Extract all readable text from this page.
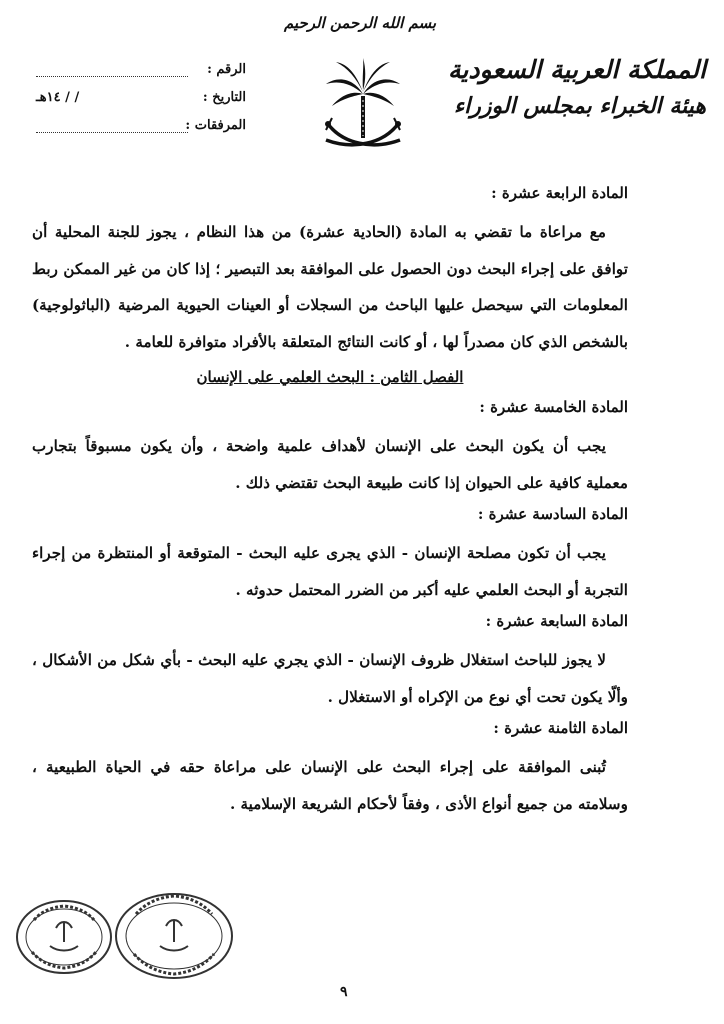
بسم الله الرحمن الرحيم
المملكة العربية السعودية
هيئة الخبراء بمجلس الوزراء
الرقم :
التاريخ :
/ / ١٤هـ
المرفقات :
المادة الرابعة عشرة :

مع مراعاة ما تقضي به المادة (الحادية عشرة) من هذا النظام ، يجوز للجنة المحلية أن توافق على إجراء البحث دون الحصول على الموافقة بعد التبصير ؛ إذا كان من غير الممكن ربط المعلومات التي سيحصل عليها الباحث من السجلات أو العينات الحيوية المرضية (الباثولوجية) بالشخص الذي كان مصدراً لها ، أو كانت النتائج المتعلقة بالأفراد متوافرة للعامة .

الفصل الثامن : البحث العلمي على الإنسان
المادة الخامسة عشرة :

يجب أن يكون البحث على الإنسان لأهداف علمية واضحة ، وأن يكون مسبوقاً بتجارب معملية كافية على الحيوان إذا كانت طبيعة البحث تقتضي ذلك .

المادة السادسة عشرة :

يجب أن تكون مصلحة الإنسان - الذي يجرى عليه البحث - المتوقعة أو المنتظرة من إجراء التجربة أو البحث العلمي عليه أكبر من الضرر المحتمل حدوثه .

المادة السابعة عشرة :

لا يجوز للباحث استغلال ظروف الإنسان - الذي يجري عليه البحث - بأي شكل من الأشكال ، وألّا يكون تحت أي نوع من الإكراه أو الاستغلال .

المادة الثامنة عشرة :

تُبنى الموافقة على إجراء البحث على الإنسان على مراعاة حقه في الحياة الطبيعية ، وسلامته من جميع أنواع الأذى ، وفقاً لأحكام الشريعة الإسلامية .

٩
